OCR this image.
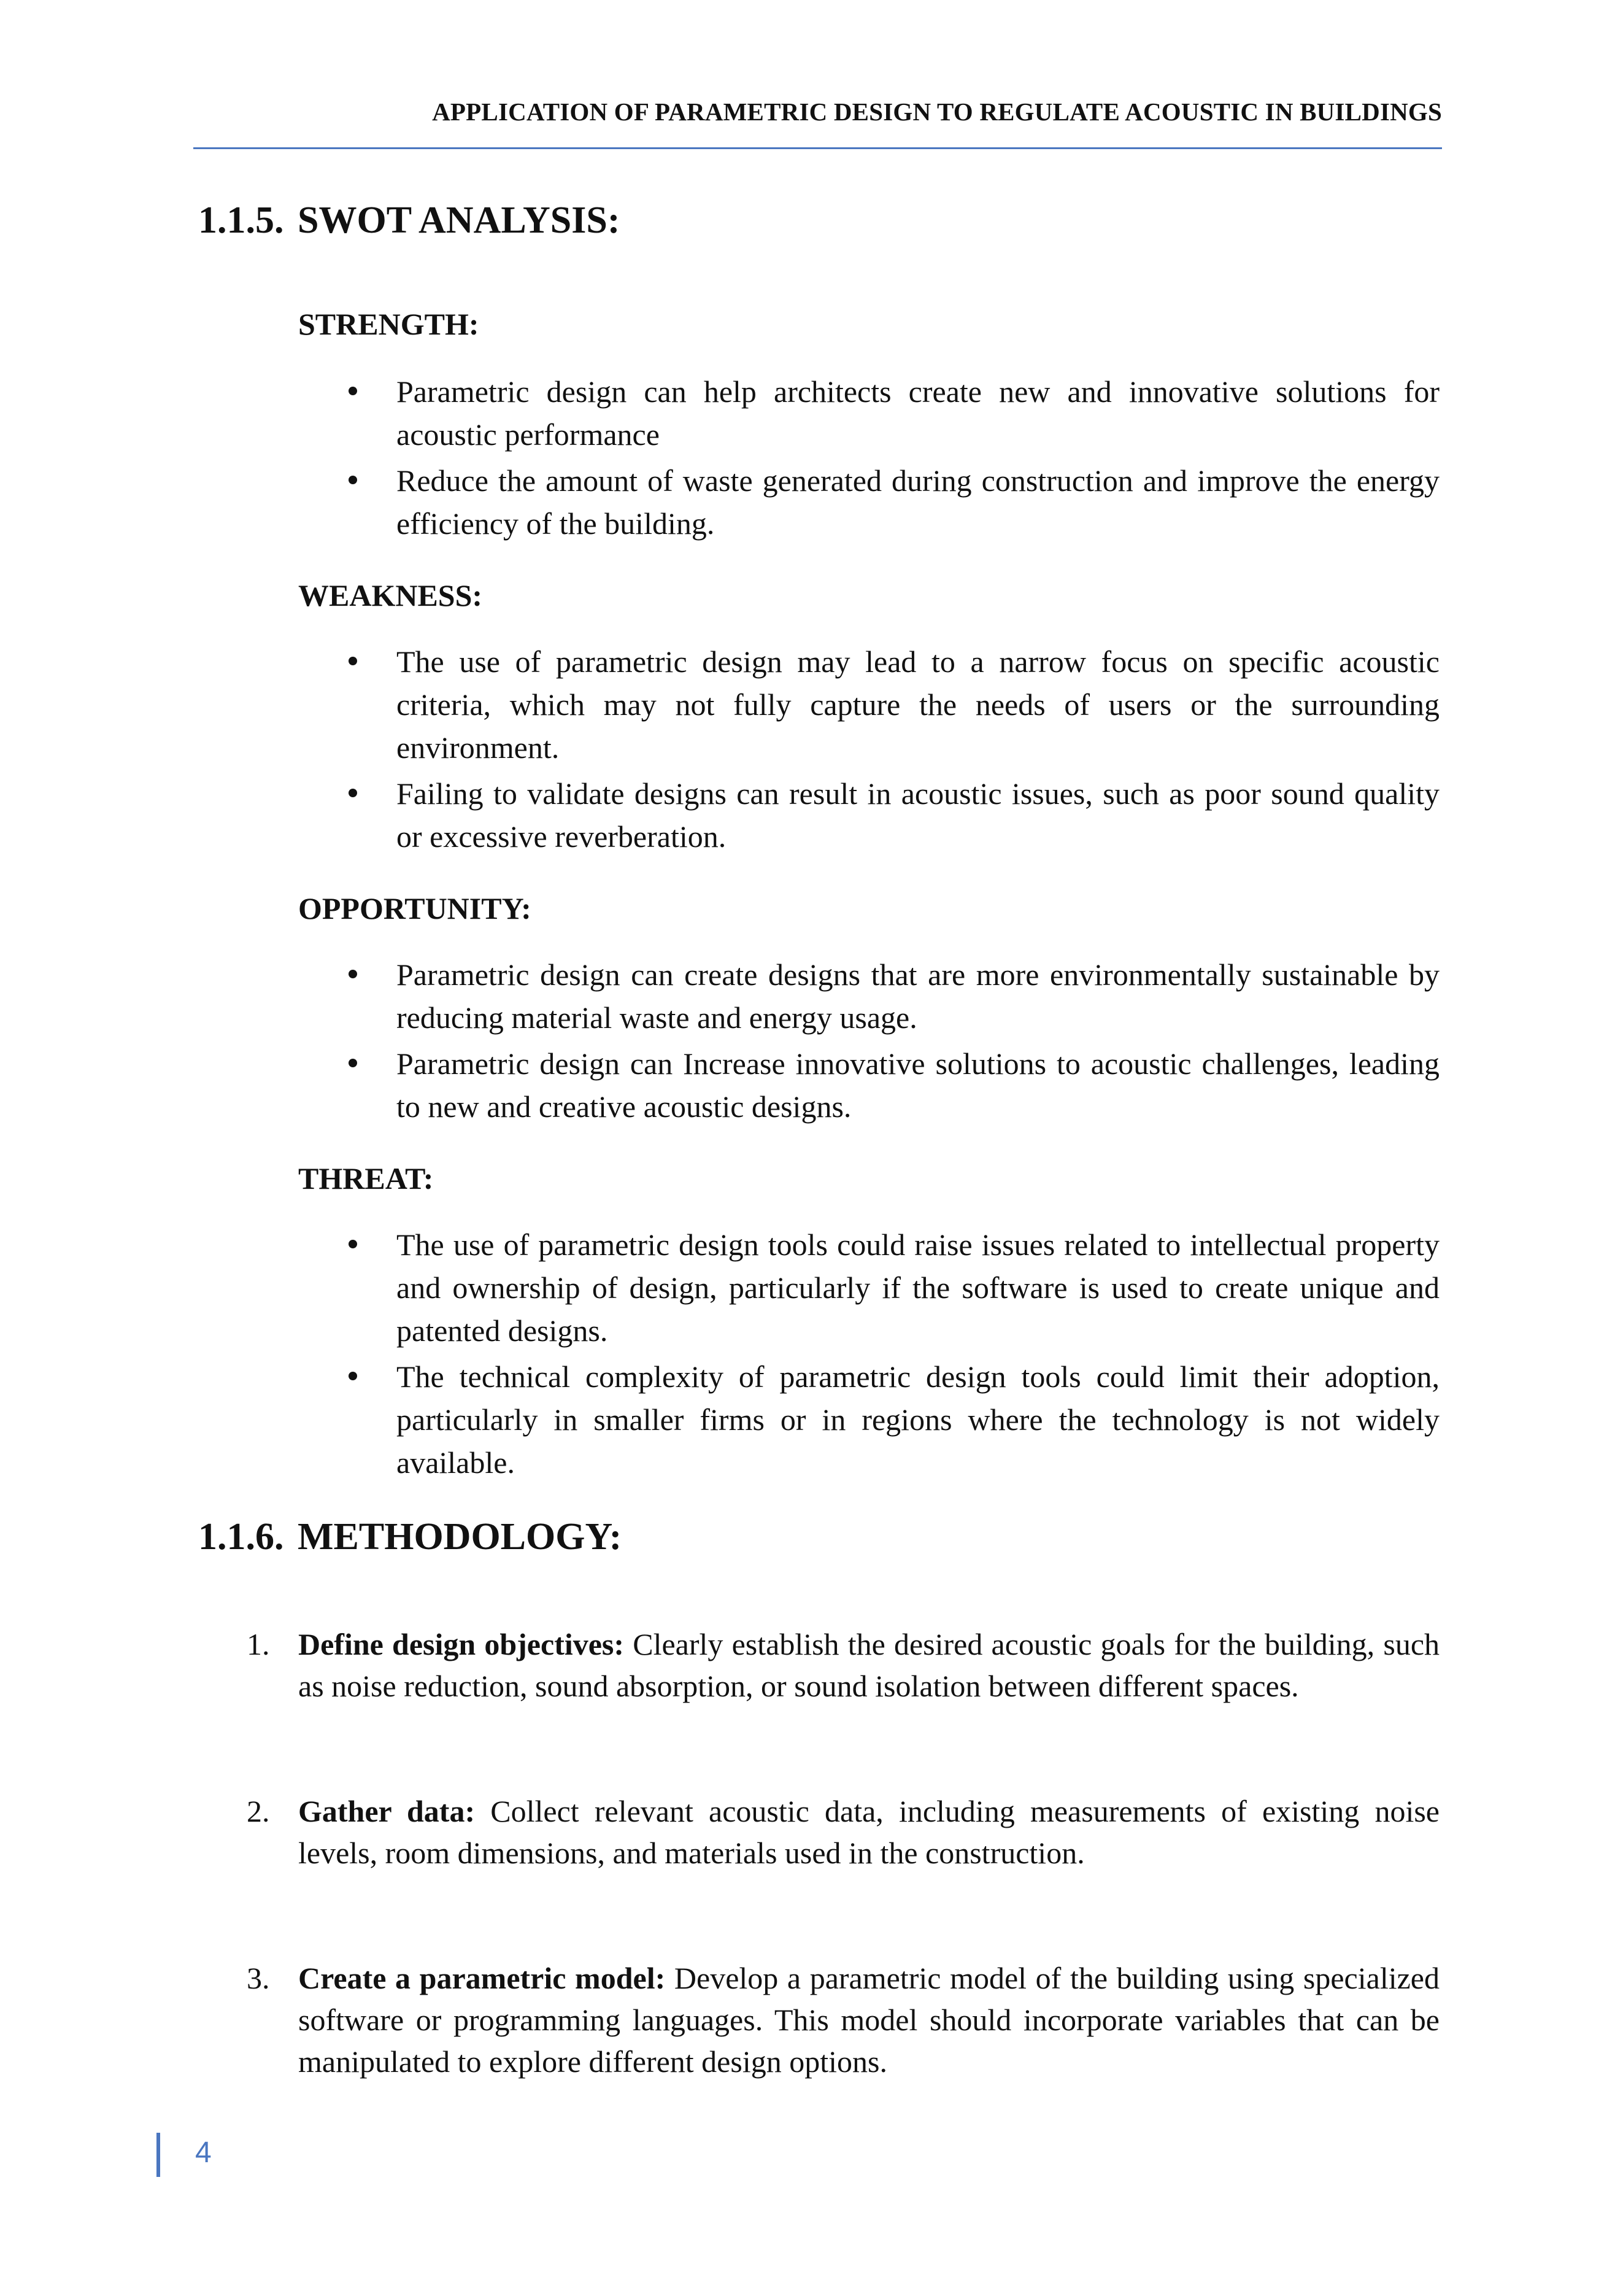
APPLICATION OF PARAMETRIC DESIGN TO REGULATE ACOUSTIC IN BUILDINGS
1.1.5. SWOT ANALYSIS:
STRENGTH:
Parametric design can help architects create new and innovative solutions for acoustic performance
Reduce the amount of waste generated during construction and improve the energy efficiency of the building.
WEAKNESS:
The use of parametric design may lead to a narrow focus on specific acoustic criteria, which may not fully capture the needs of users or the surrounding environment.
Failing to validate designs can result in acoustic issues, such as poor sound quality or excessive reverberation.
OPPORTUNITY:
Parametric design can create designs that are more environmentally sustainable by reducing material waste and energy usage.
Parametric design can Increase innovative solutions to acoustic challenges, leading to new and creative acoustic designs.
THREAT:
The use of parametric design tools could raise issues related to intellectual property and ownership of design, particularly if the software is used to create unique and patented designs.
The technical complexity of parametric design tools could limit their adoption, particularly in smaller firms or in regions where the technology is not widely available.
1.1.6. METHODOLOGY:
1. Define design objectives: Clearly establish the desired acoustic goals for the building, such as noise reduction, sound absorption, or sound isolation between different spaces.
2. Gather data: Collect relevant acoustic data, including measurements of existing noise levels, room dimensions, and materials used in the construction.
3. Create a parametric model: Develop a parametric model of the building using specialized software or programming languages. This model should incorporate variables that can be manipulated to explore different design options.
4
